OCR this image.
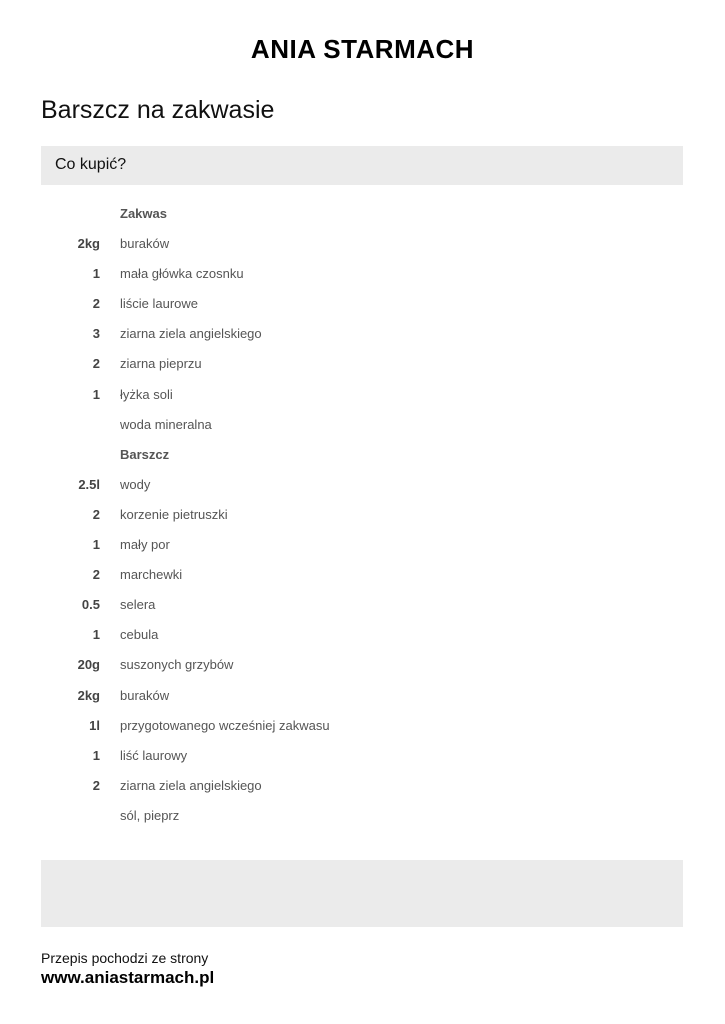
ANIA STARMACH
Barszcz na zakwasie
Co kupić?
Zakwas
2kg buraków
1 mała główka czosnku
2 liście laurowe
3 ziarna ziela angielskiego
2 ziarna pieprzu
1 łyżka soli
woda mineralna
Barszcz
2.5l wody
2 korzenie pietruszki
1 mały por
2 marchewki
0.5 selera
1 cebula
20g suszonych grzybów
2kg buraków
1l przygotowanego wcześniej zakwasu
1 liść laurowy
2 ziarna ziela angielskiego
sól, pieprz
Przepis pochodzi ze strony
www.aniastarmach.pl
